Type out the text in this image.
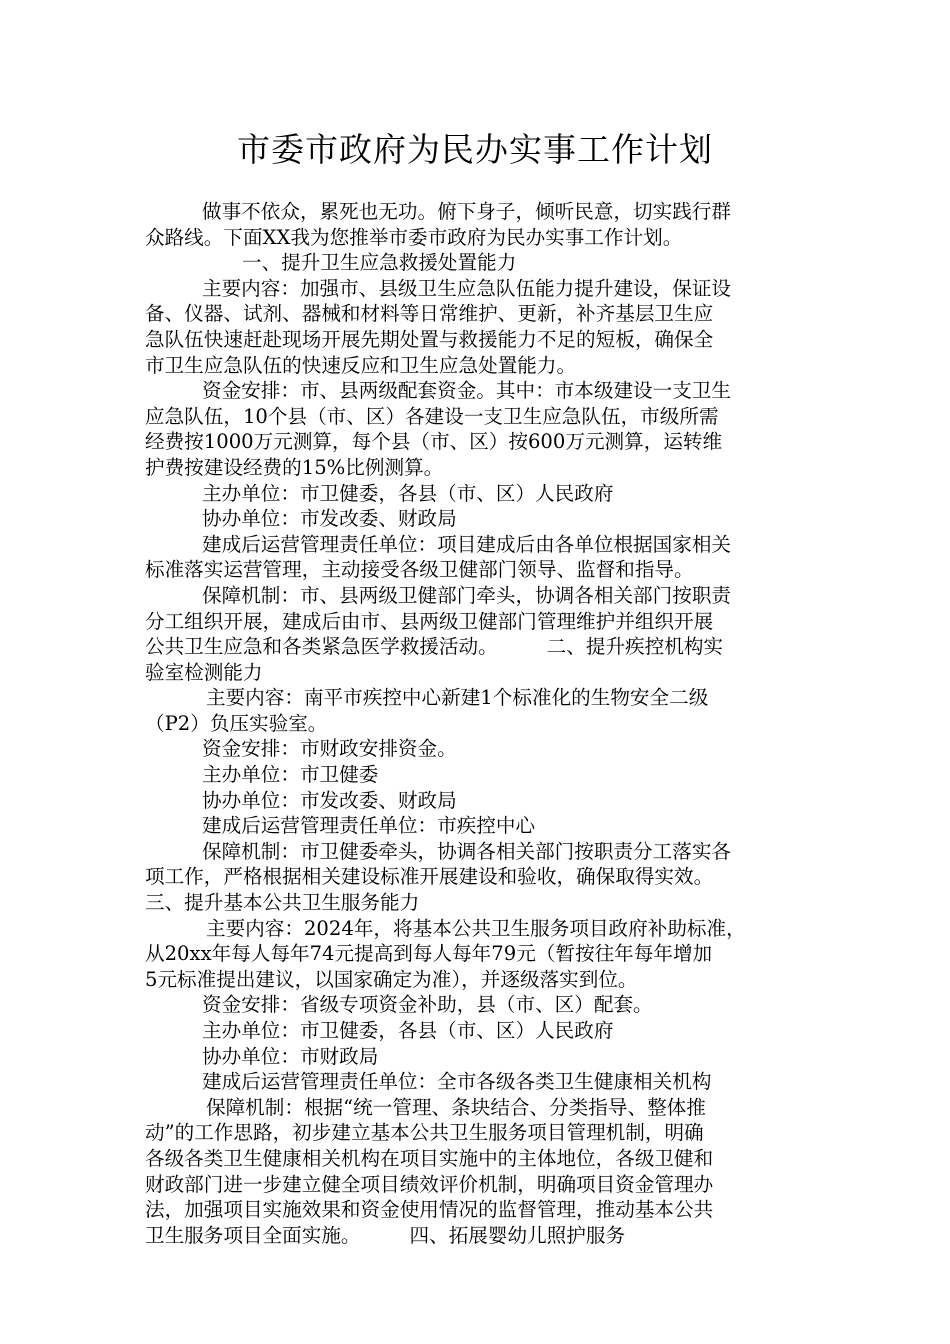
市委市政府为民办实事工作计划
做事不依众，累死也无功。俯下身子，倾听民意，切实践行群
众路线。下面XX我为您推举市委市政府为民办实事工作计划。
一、提升卫生应急救援处置能力
主要内容：加强市、县级卫生应急队伍能力提升建设，保证设
备、仪器、试剂、器械和材料等日常维护、更新，补齐基层卫生应
急队伍快速赶赴现场开展先期处置与救援能力不足的短板，确保全
市卫生应急队伍的快速反应和卫生应急处置能力。
资金安排：市、县两级配套资金。其中：市本级建设一支卫生
应急队伍，10个县（市、区）各建设一支卫生应急队伍，市级所需
经费按1000万元测算，每个县（市、区）按600万元测算，运转维
护费按建设经费的15%比例测算。
主办单位：市卫健委，各县（市、区）人民政府
协办单位：市发改委、财政局
建成后运营管理责任单位：项目建成后由各单位根据国家相关
标准落实运营管理，主动接受各级卫健部门领导、监督和指导。
保障机制：市、县两级卫健部门牵头，协调各相关部门按职责
分工组织开展，建成后由市、县两级卫健部门管理维护并组织开展
公共卫生应急和各类紧急医学救援活动。　　　二、提升疾控机构实
验室检测能力
主要内容：南平市疾控中心新建1个标准化的生物安全二级
（P2）负压实验室。
资金安排：市财政安排资金。
主办单位：市卫健委
协办单位：市发改委、财政局
建成后运营管理责任单位：市疾控中心
保障机制：市卫健委牵头，协调各相关部门按职责分工落实各
项工作，严格根据相关建设标准开展建设和验收，确保取得实效。
三、提升基本公共卫生服务能力
主要内容：2024年，将基本公共卫生服务项目政府补助标准，
从20xx年每人每年74元提高到每人每年79元（暂按往年每年增加
5元标准提出建议，以国家确定为准），并逐级落实到位。
资金安排：省级专项资金补助，县（市、区）配套。
主办单位：市卫健委，各县（市、区）人民政府
协办单位：市财政局
建成后运营管理责任单位：全市各级各类卫生健康相关机构
保障机制：根据“统一管理、条块结合、分类指导、整体推
动”的工作思路，初步建立基本公共卫生服务项目管理机制，明确
各级各类卫生健康相关机构在项目实施中的主体地位，各级卫健和
财政部门进一步建立健全项目绩效评价机制，明确项目资金管理办
法，加强项目实施效果和资金使用情况的监督管理，推动基本公共
卫生服务项目全面实施。　　　四、拓展婴幼儿照护服务
